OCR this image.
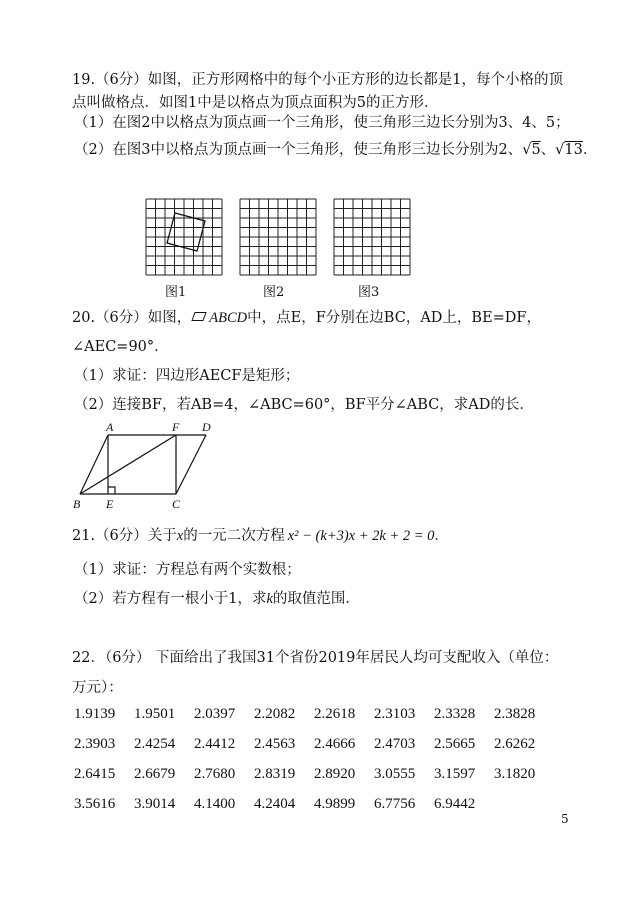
19.（6分）如图，正方形网格中的每个小正方形的边长都是1，每个小格的顶
点叫做格点．如图1中是以格点为顶点面积为5的正方形．
（1）在图2中以格点为顶点画一个三角形，使三角形三边长分别为3、4、5；
（2）在图3中以格点为顶点画一个三角形，使三角形三边长分别为2、√5、√13．
图1	图2	图3
20.（6分）如图， ABCD中，点E，F分别在边BC，AD上，BE=DF，
∠AEC=90°．
（1）求证：四边形AECF是矩形；
（2）连接BF，若AB=4，∠ABC=60°，BF平分∠ABC，求AD的长．
A	F D
B E	C
21.（6分）关于x的一元二次方程 x² − (k+3)x + 2k + 2 = 0．
（1）求证：方程总有两个实数根；
（2）若方程有一根小于1，求k的取值范围．
22．（6分） 下面给出了我国31个省份2019年居民人均可支配收入（单位：
万元）：
1.9139 1.9501 2.0397 2.2082 2.2618 2.3103 2.3328 2.3828
2.3903 2.4254 2.4412 2.4563 2.4666 2.4703 2.5665 2.6262
2.6415 2.6679 2.7680 2.8319 2.8920 3.0555 3.1597 3.1820
3.5616 3.9014 4.1400 4.2404 4.9899 6.7756 6.9442
5
